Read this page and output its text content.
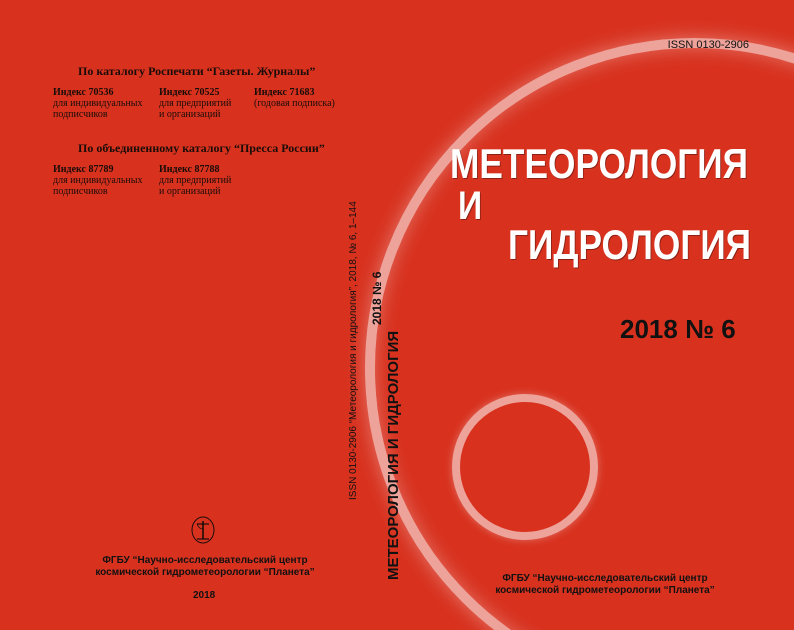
По каталогу Роспечати “Газеты. Журналы”
Индекс 70536
для индивидуальных
подписчиков
Индекс 70525
для предприятий
и организаций
Индекс 71683
(годовая подписка)
По объединенному каталогу “Пресса России”
Индекс 87789
для индивидуальных
подписчиков
Индекс 87788
для предприятий
и организаций
ФГБУ “Научно-исследовательский центр
космической гидрометеорологии “Планета”
2018
ISSN 0130-2906 “Метеорология и гидрология”, 2018, № 6, 1–144 2018 № 6
МЕТЕОРОЛОГИЯ И ГИДРОЛОГИЯ
ISSN 0130-2906
МЕТЕОРОЛОГИЯ
И
ГИДРОЛОГИЯ
2018 № 6
ФГБУ “Научно-исследовательский центр
космической гидрометеорологии “Планета”
